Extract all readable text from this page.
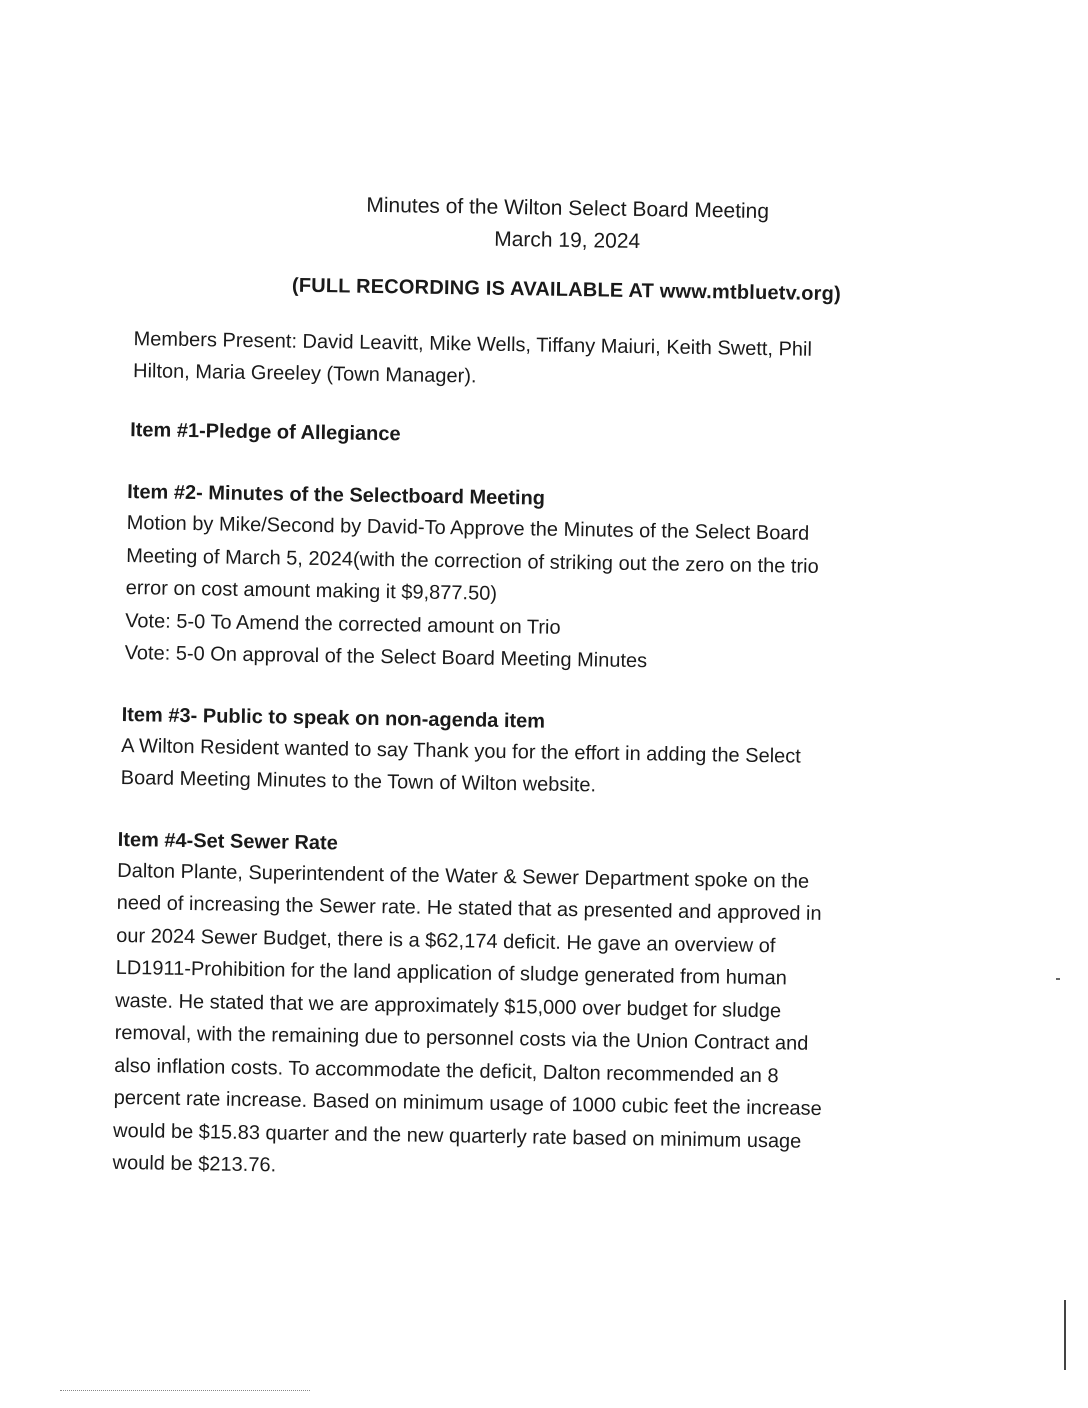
Minutes of the Wilton Select Board Meeting
March 19, 2024
(FULL RECORDING IS AVAILABLE AT www.mtbluetv.org)
Members Present: David Leavitt, Mike Wells, Tiffany Maiuri, Keith Swett, Phil
Hilton, Maria Greeley (Town Manager).
Item #1-Pledge of Allegiance
Item #2- Minutes of the Selectboard Meeting
Motion by Mike/Second by David-To Approve the Minutes of the Select Board
Meeting of March 5, 2024(with the correction of striking out the zero on the trio
error on cost amount making it $9,877.50)
Vote: 5-0 To Amend the corrected amount on Trio
Vote: 5-0 On approval of the Select Board Meeting Minutes
Item #3- Public to speak on non-agenda item
A Wilton Resident wanted to say Thank you for the effort in adding the Select
Board Meeting Minutes to the Town of Wilton website.
Item #4-Set Sewer Rate
Dalton Plante, Superintendent of the Water & Sewer Department spoke on the
need of increasing the Sewer rate. He stated that as presented and approved in
our 2024 Sewer Budget, there is a $62,174 deficit. He gave an overview of
LD1911-Prohibition for the land application of sludge generated from human
waste. He stated that we are approximately $15,000 over budget for sludge
removal, with the remaining due to personnel costs via the Union Contract and
also inflation costs. To accommodate the deficit, Dalton recommended an 8
percent rate increase. Based on minimum usage of 1000 cubic feet the increase
would be $15.83 quarter and the new quarterly rate based on minimum usage
would be $213.76.
